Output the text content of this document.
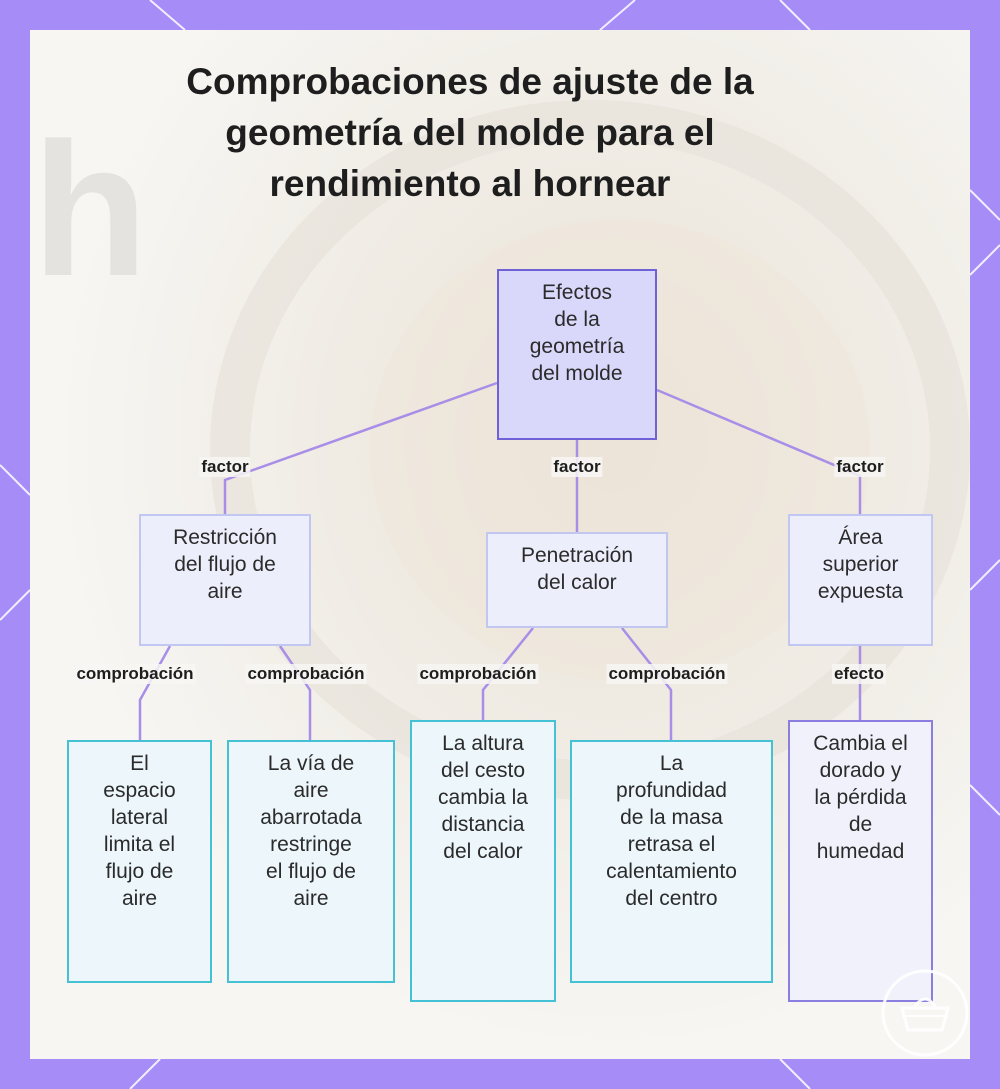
h
Comprobaciones de ajuste de la geometría del molde para el rendimiento al hornear
factor	factor	factor
comprobación	comprobación	comprobación	comprobación	efecto
Efectos
de la
geometría
del molde
Restricción
del flujo de
aire
Penetración
del calor
Área
superior
expuesta
El
espacio
lateral
limita el
flujo de
aire
La vía de
aire
abarrotada
restringe
el flujo de
aire
La altura
del cesto
cambia la
distancia
del calor
La
profundidad
de la masa
retrasa el
calentamiento
del centro
Cambia el
dorado y
la pérdida
de
humedad
